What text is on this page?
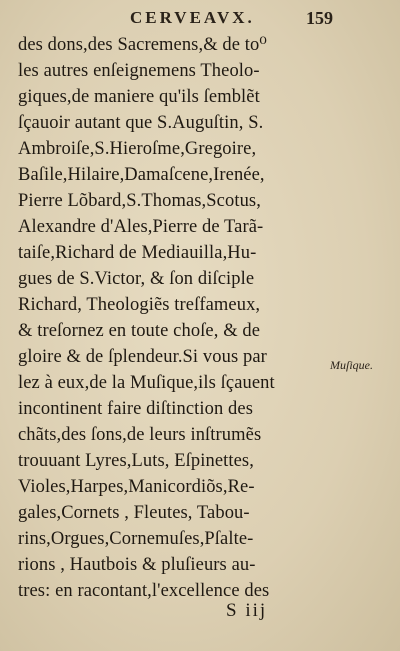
CERVEAVX.	159
des dons,des Sacremens,& de to⁰
les autres enſeignemens Theolo-
giques,de maniere qu'ils ſemblẽt
ſçauoir autant que S.Auguſtin, S.
Ambroiſe,S.Hieroſme,Gregoire,
Baſile,Hilaire,Damaſcene,Irenée,
Pierre Lõbard,S.Thomas,Scotus,
Alexandre d'Ales,Pierre de Tarã-
taiſe,Richard de Mediauilla,Hu-
gues de S.Victor, & ſon diſciple
Richard, Theologiẽs treſfameux,
& treſornez en toute choſe, & de
gloire & de ſplendeur.Si vous par
lez à eux,de la Muſique,ils ſçauent
incontinent faire diſtinction des
chãts,des ſons,de leurs inſtrumẽs
trouuant Lyres,Luts, Eſpinettes,
Violes,Harpes,Manicordiõs,Re-
gales,Cornets , Fleutes, Tabou-
rins,Orgues,Cornemuſes,Pſalte-
rions , Hautbois & pluſieurs au-
tres: en racontant,l'excellence des
Muſique.
S iij
